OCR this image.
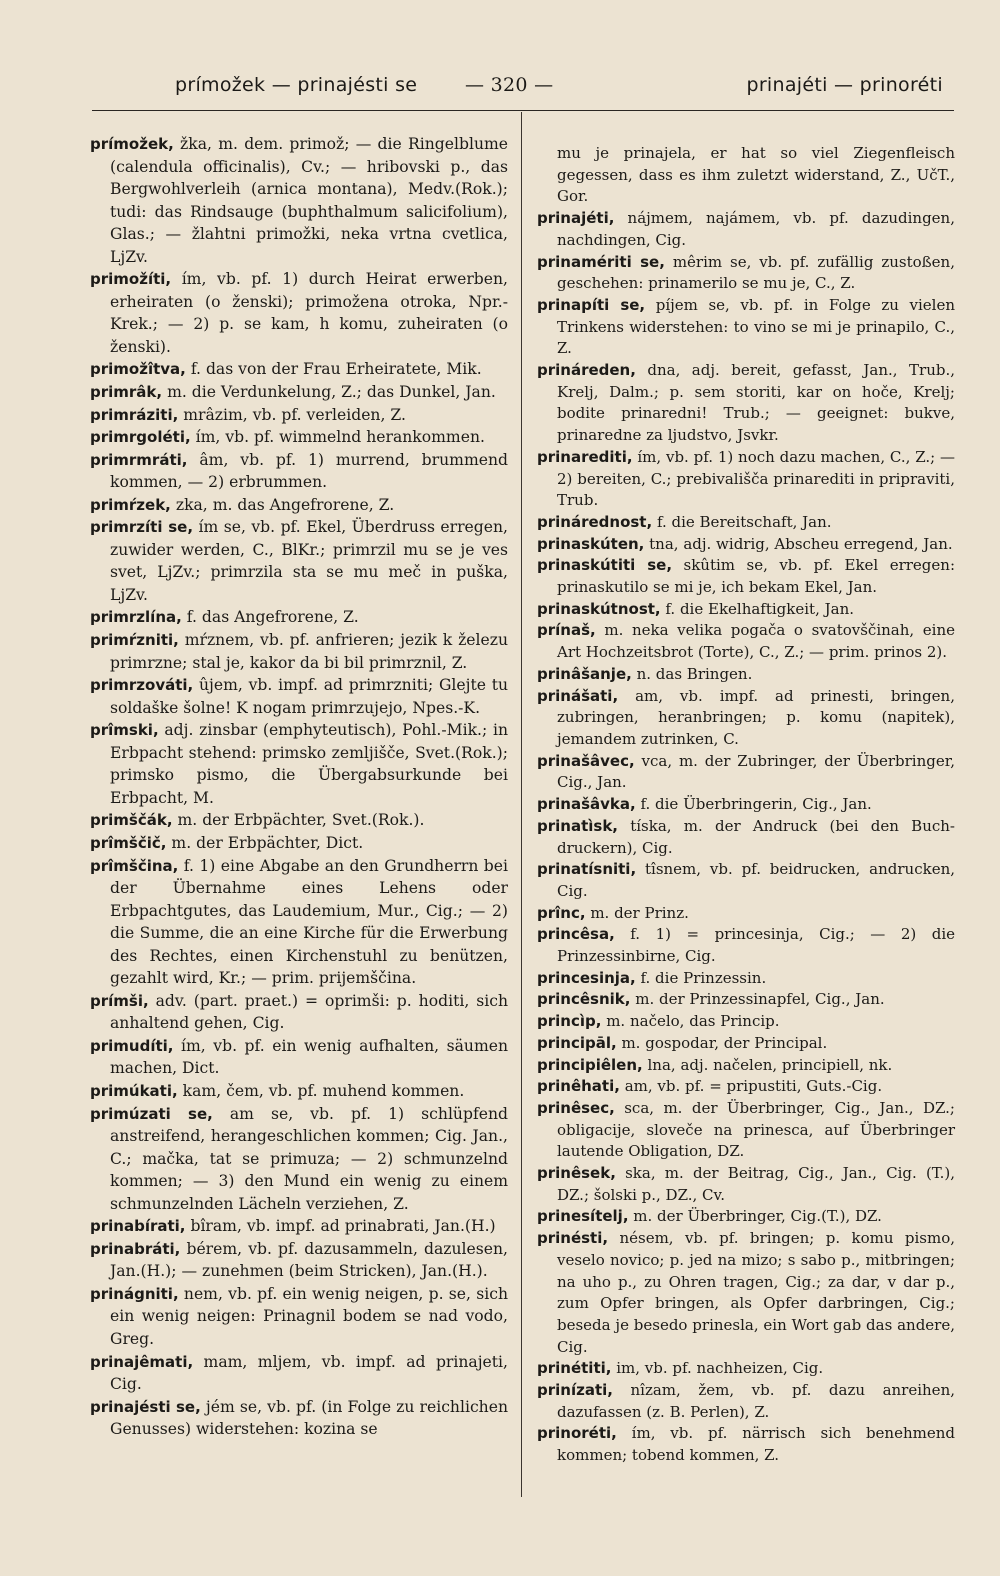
prímožek — prinajésti se	— 320 —	prinajéti — prinoréti

prímožek, žka, m. dem. primož; — die Ringelblume (calendula officinalis), Cv.; — hribovski p., das Bergwohlverleih (arnica montana), Medv.(Rok.); tudi: das Rindsauge (buphthalmum salicifolium), Glas.; — žlahtni primožki, neka vrtna cvetlica, LjZv.

primožíti, ím, vb. pf. 1) durch Heirat erwerben, erheiraten (o ženski); primožena otroka, Npr.-Krek.; — 2) p. se kam, h komu, zuheiraten (o ženski).

primožîtva, f. das von der Frau Erheiratete, Mik.

primrâk, m. die Verdunkelung, Z.; das Dunkel, Jan.

primráziti, mrâzim, vb. pf. verleiden, Z.

primrgoléti, ím, vb. pf. wimmelnd herankommen.

primrmráti, âm, vb. pf. 1) murrend, brummend kommen, — 2) erbrummen.

primŕzek, zka, m. das Angefrorene, Z.

primrzíti se, ím se, vb. pf. Ekel, Überdruss erregen, zuwider werden, C., BlKr.; primrzil mu se je ves svet, LjZv.; primrzila sta se mu meč in puška, LjZv.

primrzlína, f. das Angefrorene, Z.

primŕzniti, mŕznem, vb. pf. anfrieren; jezik k železu primrzne; stal je, kakor da bi bil primrznil, Z.

primrzováti, ûjem, vb. impf. ad primrzniti; Glejte tu soldaške šolne! K nogam primrzujejo, Npes.-K.

prîmski, adj. zinsbar (emphyteutisch), Pohl.-Mik.; in Erbpacht stehend: primsko zemljišče, Svet.(Rok.); primsko pismo, die Übergabsurkunde bei Erbpacht, M.

primščák, m. der Erbpächter, Svet.(Rok.).

prîmščič, m. der Erbpächter, Dict.

prîmščina, f. 1) eine Abgabe an den Grundherrn bei der Übernahme eines Lehens oder Erbpachtgutes, das Laudemium, Mur., Cig.; — 2) die Summe, die an eine Kirche für die Erwerbung des Rechtes, einen Kirchenstuhl zu benützen, gezahlt wird, Kr.; — prim. prijemščina.

prímši, adv. (part. praet.) = oprimši: p. hoditi, sich anhaltend gehen, Cig.

primudíti, ím, vb. pf. ein wenig aufhalten, säumen machen, Dict.

primúkati, kam, čem, vb. pf. muhend kommen.

primúzati se, am se, vb. pf. 1) schlüpfend anstreifend, herangeschlichen kommen; Cig. Jan., C.; mačka, tat se primuza; — 2) schmunzelnd kommen; — 3) den Mund ein wenig zu einem schmunzelnden Lächeln verziehen, Z.

prinabírati, bîram, vb. impf. ad prinabrati, Jan.(H.)

prinabráti, bérem, vb. pf. dazusammeln, dazulesen, Jan.(H.); — zunehmen (beim Stricken), Jan.(H.).

prinágniti, nem, vb. pf. ein wenig neigen, p. se, sich ein wenig neigen: Prinagnil bodem se nad vodo, Greg.

prinajêmati, mam, mljem, vb. impf. ad prinajeti, Cig.

prinajésti se, jém se, vb. pf. (in Folge zu reichlichen Genusses) widerstehen: kozina se

mu je prinajela, er hat so viel Ziegenfleisch gegessen, dass es ihm zuletzt widerstand, Z., UčT., Gor.

prinajéti, nájmem, najámem, vb. pf. dazudingen, nachdingen, Cig.

prinamériti se, mêrim se, vb. pf. zufällig zustoßen, geschehen: prinamerilo se mu je, C., Z.

prinapíti se, píjem se, vb. pf. in Folge zu vielen Trinkens widerstehen: to vino se mi je prinapilo, C., Z.

prináreden, dna, adj. bereit, gefasst, Jan., Trub., Krelj, Dalm.; p. sem storiti, kar on hoče, Krelj; bodite prinaredni! Trub.; — geeignet: bukve, prinaredne za ljudstvo, Jsvkr.

prinarediti, ím, vb. pf. 1) noch dazu machen, C., Z.; — 2) bereiten, C.; prebivališča prinarediti in pripraviti, Trub.

prinárednost, f. die Bereitschaft, Jan.

prinaskúten, tna, adj. widrig, Abscheu erregend, Jan.

prinaskútiti se, skûtim se, vb. pf. Ekel erregen: prinaskutilo se mi je, ich bekam Ekel, Jan.

prinaskútnost, f. die Ekelhaftigkeit, Jan.

prínaš, m. neka velika pogača o svatovščinah, eine Art Hochzeitsbrot (Torte), C., Z.; — prim. prinos 2).

prinâšanje, n. das Bringen.

prinášati, am, vb. impf. ad prinesti, bringen, zubringen, heranbringen; p. komu (napitek), jemandem zutrinken, C.

prinašâvec, vca, m. der Zubringer, der Überbringer, Cig., Jan.

prinašâvka, f. die Überbringerin, Cig., Jan.

prinatìsk, tíska, m. der Andruck (bei den Buchdruckern), Cig.

prinatísniti, tîsnem, vb. pf. beidrucken, andrucken, Cig.

prînc, m. der Prinz.

princêsa, f. 1) = princesinja, Cig.; — 2) die Prinzessinbirne, Cig.

princesinja, f. die Prinzessin.

princêsnik, m. der Prinzessinapfel, Cig., Jan.

princìp, m. načelo, das Princip.

principāl, m. gospodar, der Principal.

principiêlen, lna, adj. načelen, principiell, nk.

prinêhati, am, vb. pf. = pripustiti, Guts.-Cig.

prinêsec, sca, m. der Überbringer, Cig., Jan., DZ.; obligacije, sloveče na prinesca, auf Überbringer lautende Obligation, DZ.

prinêsek, ska, m. der Beitrag, Cig., Jan., Cig. (T.), DZ.; šolski p., DZ., Cv.

prinesítelj, m. der Überbringer, Cig.(T.), DZ.

prinésti, nésem, vb. pf. bringen; p. komu pismo, veselo novico; p. jed na mizo; s sabo p., mitbringen; na uho p., zu Ohren tragen, Cig.; za dar, v dar p., zum Opfer bringen, als Opfer darbringen, Cig.; beseda je besedo prinesla, ein Wort gab das andere, Cig.

prinétiti, im, vb. pf. nachheizen, Cig.

prinízati, nîzam, žem, vb. pf. dazu anreihen, dazufassen (z. B. Perlen), Z.

prinoréti, ím, vb. pf. närrisch sich benehmend kommen; tobend kommen, Z.
